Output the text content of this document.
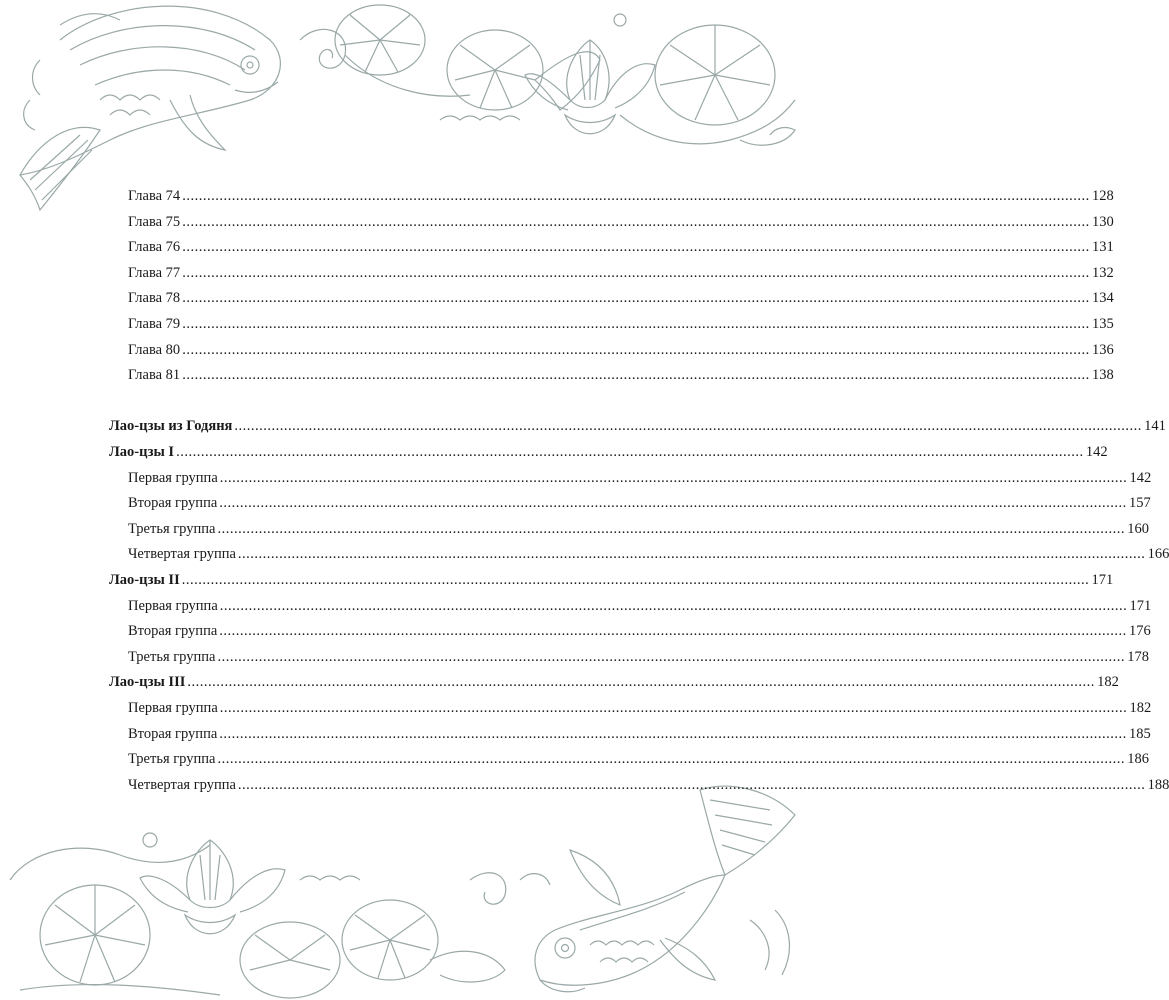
Глава 74 ............................................................................................................................................................................................................................ 128
Глава 75 ............................................................................................................................................................................................................................ 130
Глава 76 ............................................................................................................................................................................................................................ 131
Глава 77 ............................................................................................................................................................................................................................ 132
Глава 78 ............................................................................................................................................................................................................................ 134
Глава 79 ............................................................................................................................................................................................................................ 135
Глава 80 ............................................................................................................................................................................................................................ 136
Глава 81 ............................................................................................................................................................................................................................ 138
Лао-цзы из Годяня ............................................................................................................................................................................................................................ 141
Лао-цзы I ............................................................................................................................................................................................................................ 142
Первая группа ............................................................................................................................................................................................................................ 142
Вторая группа ............................................................................................................................................................................................................................ 157
Третья группа ............................................................................................................................................................................................................................ 160
Четвертая группа ............................................................................................................................................................................................................................ 166
Лао-цзы II ............................................................................................................................................................................................................................ 171
Первая группа ............................................................................................................................................................................................................................ 171
Вторая группа ............................................................................................................................................................................................................................ 176
Третья группа ............................................................................................................................................................................................................................ 178
Лао-цзы III ............................................................................................................................................................................................................................ 182
Первая группа ............................................................................................................................................................................................................................ 182
Вторая группа ............................................................................................................................................................................................................................ 185
Третья группа ............................................................................................................................................................................................................................ 186
Четвертая группа ............................................................................................................................................................................................................................ 188
